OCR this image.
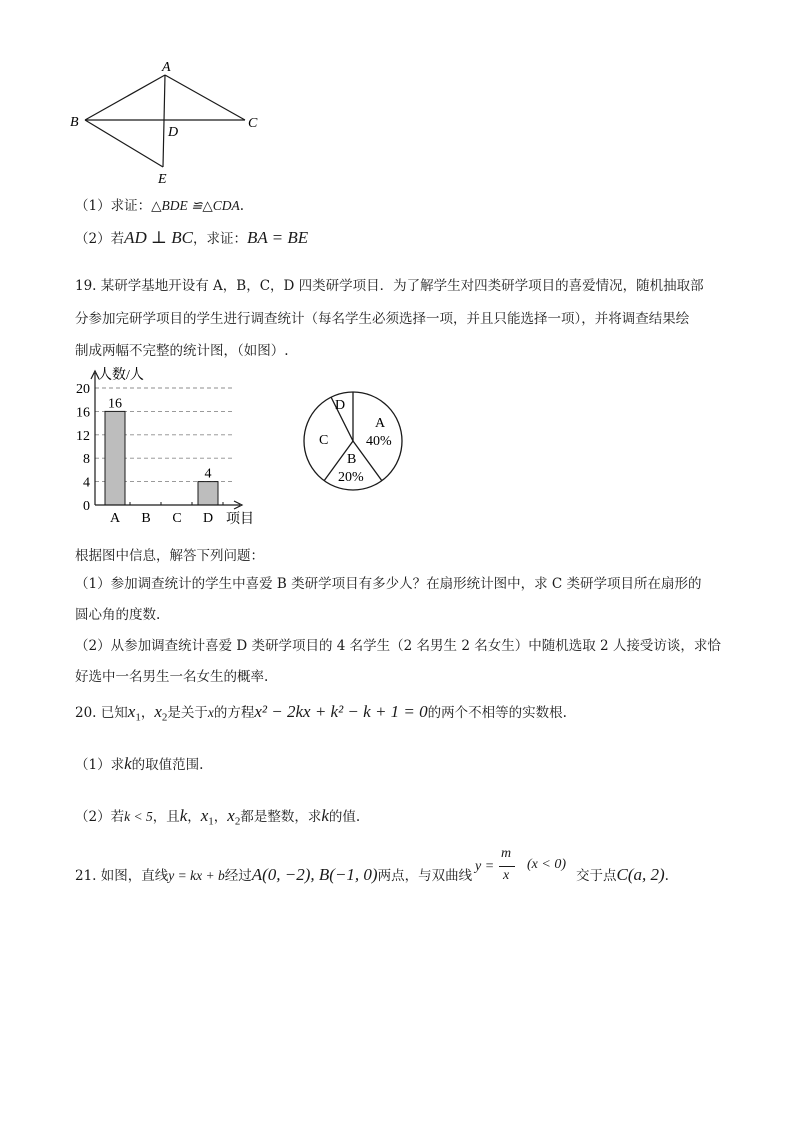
A
B	C
D
E
（1）求证：△BDE ≌△CDA.
（2）若AD ⊥ BC，求证：BA = BE
19. 某研学基地开设有 A，B，C，D 四类研学项目．为了解学生对四类研学项目的喜爱情况，随机抽取部
分参加完研学项目的学生进行调查统计（每名学生必须选择一项，并且只能选择一项），并将调查结果绘
制成两幅不完整的统计图，（如图）.
人数/人
项目
0
4
8
12
16
20
A B C D
16
4
A
40%
B
20%
C
D
根据图中信息，解答下列问题：
（1）参加调查统计的学生中喜爱 B 类研学项目有多少人？在扇形统计图中，求 C 类研学项目所在扇形的
圆心角的度数.
（2）从参加调查统计喜爱 D 类研学项目的 4 名学生（2 名男生 2 名女生）中随机选取 2 人接受访谈，求恰
好选中一名男生一名女生的概率.
20. 已知$x_1$，$x_2$是关于x的方程x² − 2kx + k² − k + 1 = 0的两个不相等的实数根.
（1）求k的取值范围.
（2）若k < 5，且k，$x_1$，$x_2$都是整数，求k的值.
21. 如图，直线y = kx + b经过A(0, −2), B(−1, 0)两点，与双曲线
y =
m
x
(x < 0)
交于点C(a, 2).
